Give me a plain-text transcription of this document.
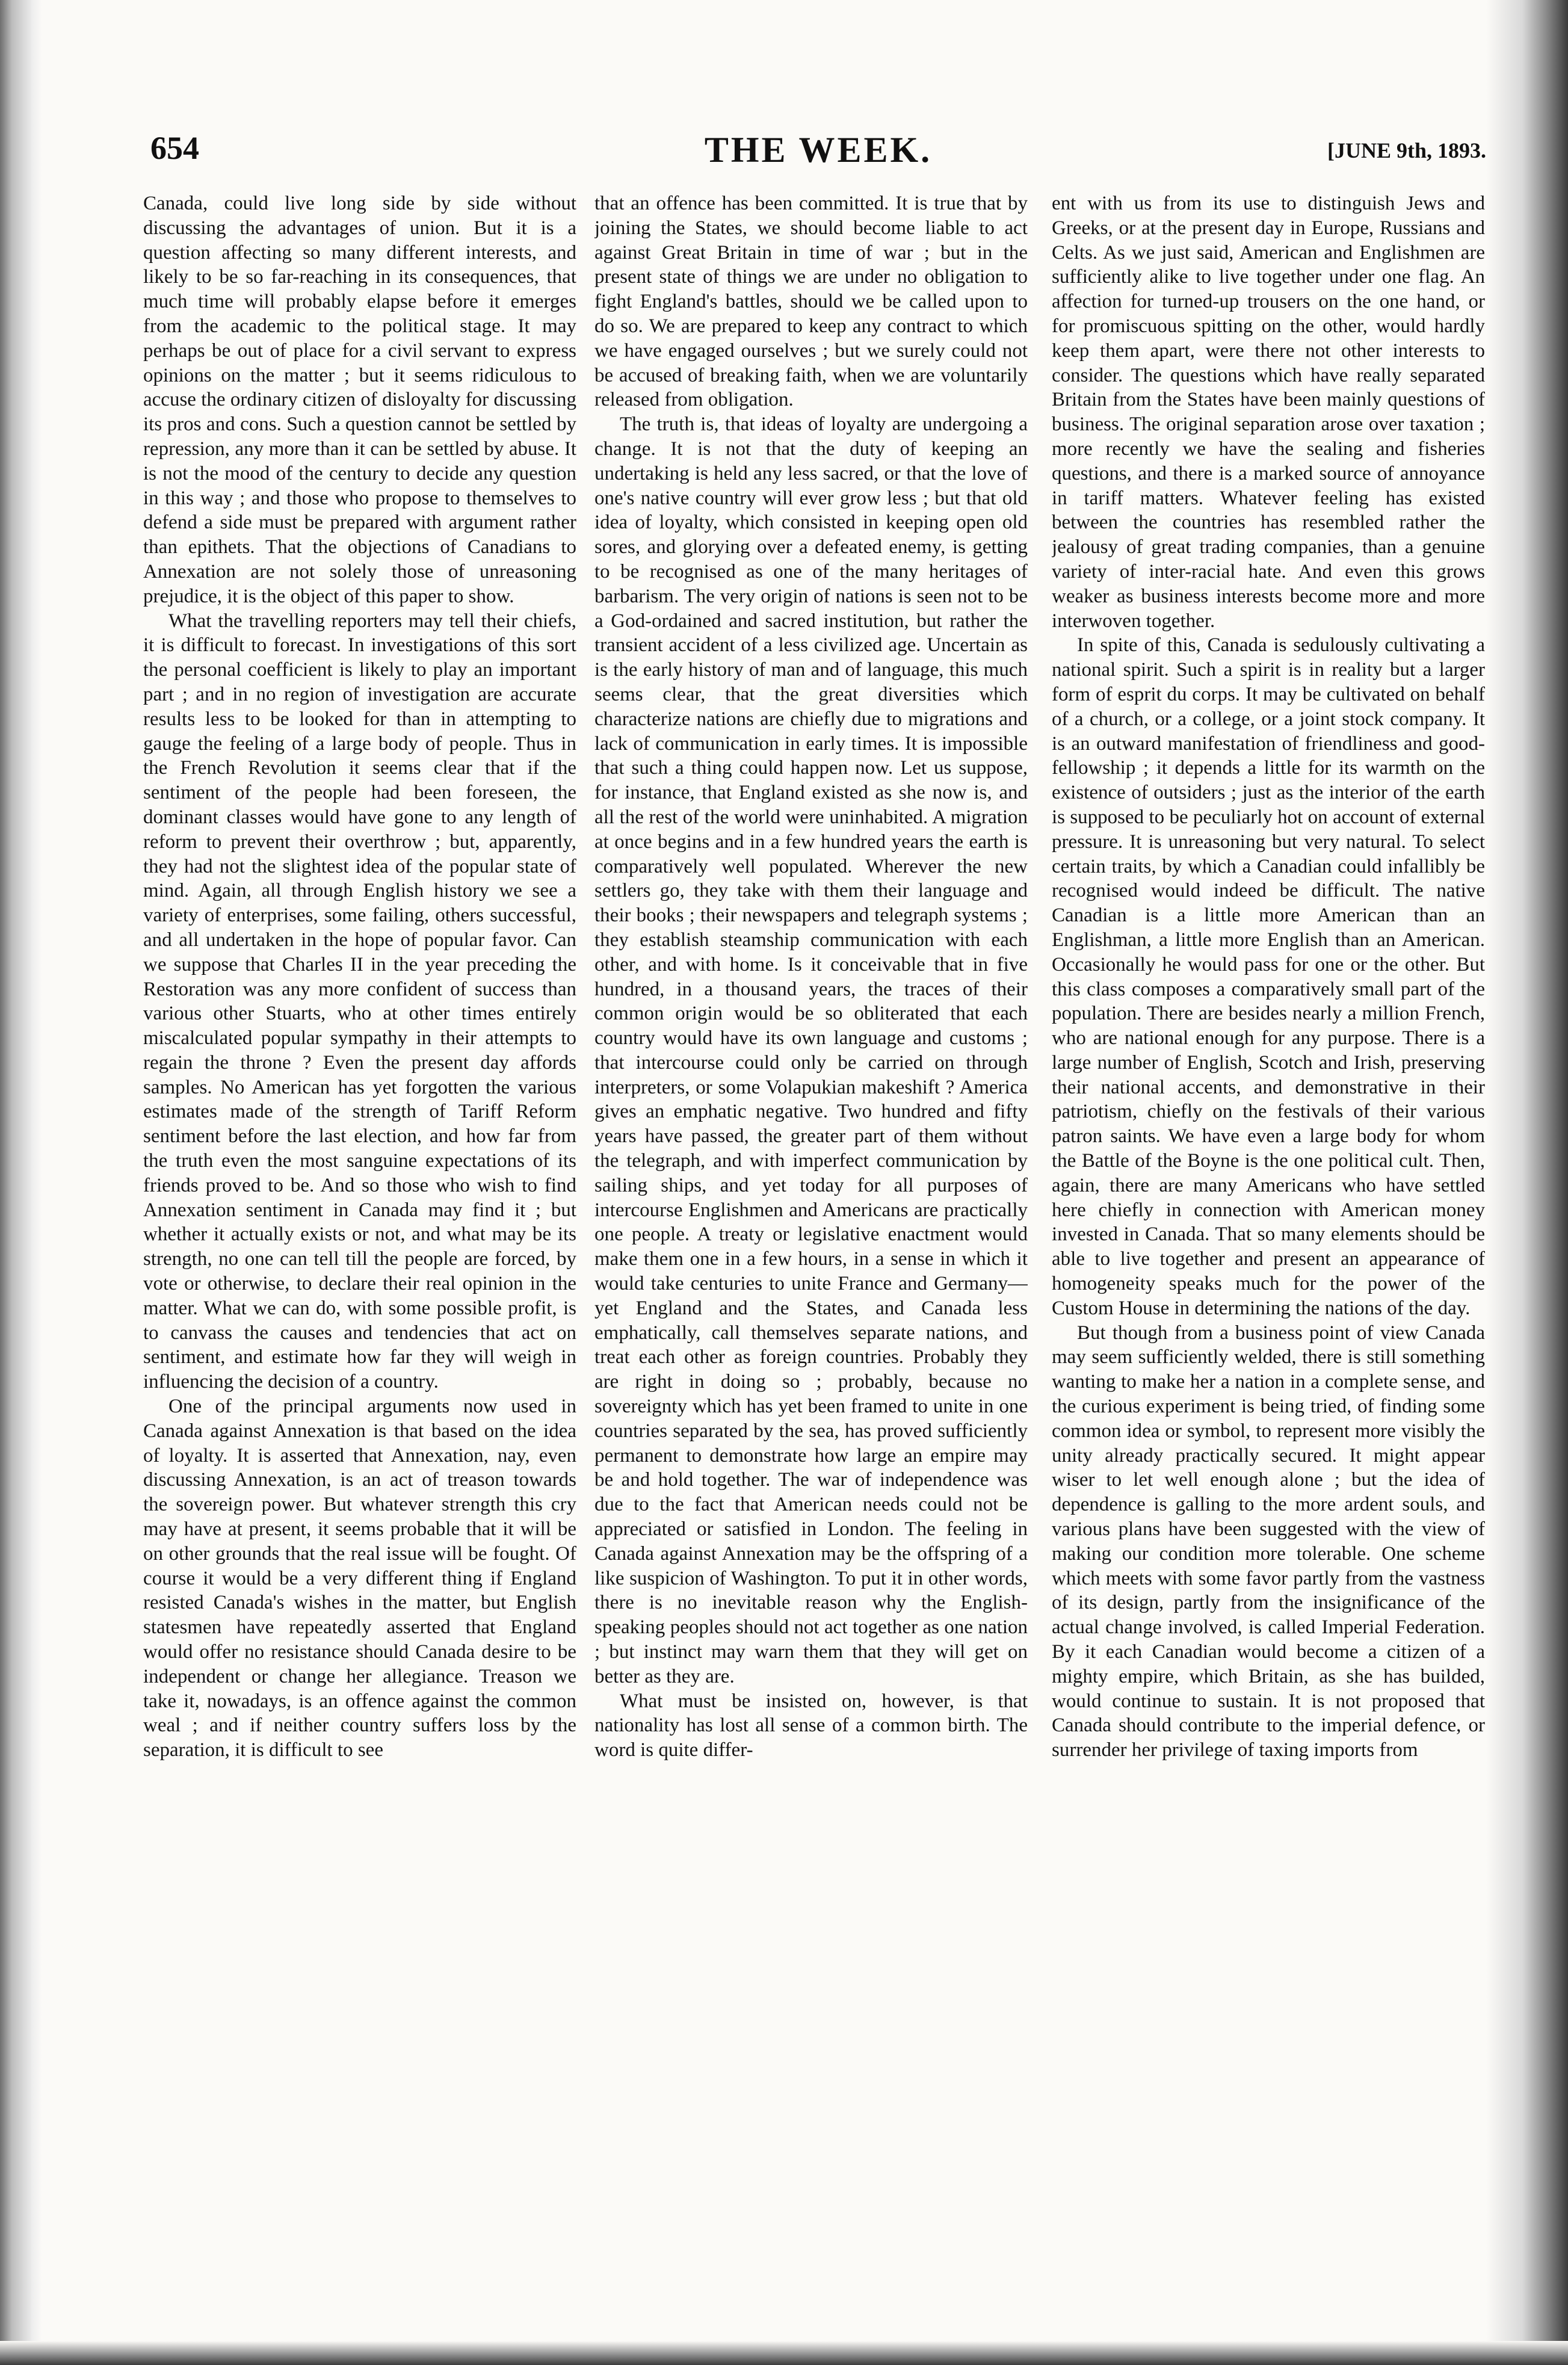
654	THE WEEK.	[JUNE 9th, 1893.

Canada, could live long side by side without discussing the advantages of union. But it is a question affecting so many different interests, and likely to be so far-reaching in its consequences, that much time will probably elapse before it emerges from the academic to the political stage. It may perhaps be out of place for a civil servant to express opinions on the matter ; but it seems ridiculous to accuse the ordinary citizen of disloyalty for discussing its pros and cons. Such a question cannot be settled by repression, any more than it can be settled by abuse. It is not the mood of the century to decide any question in this way ; and those who propose to themselves to defend a side must be prepared with argument rather than epithets. That the objections of Canadians to Annexation are not solely those of unreasoning prejudice, it is the object of this paper to show.

What the travelling reporters may tell their chiefs, it is difficult to forecast. In investigations of this sort the personal coefficient is likely to play an important part ; and in no region of investigation are accurate results less to be looked for than in attempting to gauge the feeling of a large body of people. Thus in the French Revolution it seems clear that if the sentiment of the people had been foreseen, the dominant classes would have gone to any length of reform to prevent their overthrow ; but, apparently, they had not the slightest idea of the popular state of mind. Again, all through English history we see a variety of enterprises, some failing, others successful, and all undertaken in the hope of popular favor. Can we suppose that Charles II in the year preceding the Restoration was any more confident of success than various other Stuarts, who at other times entirely miscalculated popular sympathy in their attempts to regain the throne ? Even the present day affords samples. No American has yet forgotten the various estimates made of the strength of Tariff Reform sentiment before the last election, and how far from the truth even the most sanguine expectations of its friends proved to be. And so those who wish to find Annexation sentiment in Canada may find it ; but whether it actually exists or not, and what may be its strength, no one can tell till the people are forced, by vote or otherwise, to declare their real opinion in the matter. What we can do, with some possible profit, is to canvass the causes and tendencies that act on sentiment, and estimate how far they will weigh in influencing the decision of a country.

One of the principal arguments now used in Canada against Annexation is that based on the idea of loyalty. It is asserted that Annexation, nay, even discussing Annexation, is an act of treason towards the sovereign power. But whatever strength this cry may have at present, it seems probable that it will be on other grounds that the real issue will be fought. Of course it would be a very different thing if England resisted Canada's wishes in the matter, but English statesmen have repeatedly asserted that England would offer no resistance should Canada desire to be independent or change her allegiance. Treason we take it, nowadays, is an offence against the common weal ; and if neither country suffers loss by the separation, it is difficult to see

that an offence has been committed. It is true that by joining the States, we should become liable to act against Great Britain in time of war ; but in the present state of things we are under no obligation to fight England's battles, should we be called upon to do so. We are prepared to keep any contract to which we have engaged ourselves ; but we surely could not be accused of breaking faith, when we are voluntarily released from obligation.

The truth is, that ideas of loyalty are undergoing a change. It is not that the duty of keeping an undertaking is held any less sacred, or that the love of one's native country will ever grow less ; but that old idea of loyalty, which consisted in keeping open old sores, and glorying over a defeated enemy, is getting to be recognised as one of the many heritages of barbarism. The very origin of nations is seen not to be a God-ordained and sacred institution, but rather the transient accident of a less civilized age. Uncertain as is the early history of man and of language, this much seems clear, that the great diversities which characterize nations are chiefly due to migrations and lack of communication in early times. It is impossible that such a thing could happen now. Let us suppose, for instance, that England existed as she now is, and all the rest of the world were uninhabited. A migration at once begins and in a few hundred years the earth is comparatively well populated. Wherever the new settlers go, they take with them their language and their books ; their newspapers and telegraph systems ; they establish steamship communication with each other, and with home. Is it conceivable that in five hundred, in a thousand years, the traces of their common origin would be so obliterated that each country would have its own language and customs ; that intercourse could only be carried on through interpreters, or some Volapukian makeshift ? America gives an emphatic negative. Two hundred and fifty years have passed, the greater part of them without the telegraph, and with imperfect communication by sailing ships, and yet today for all purposes of intercourse Englishmen and Americans are practically one people. A treaty or legislative enactment would make them one in a few hours, in a sense in which it would take centuries to unite France and Germany—yet England and the States, and Canada less emphatically, call themselves separate nations, and treat each other as foreign countries. Probably they are right in doing so ; probably, because no sovereignty which has yet been framed to unite in one countries separated by the sea, has proved sufficiently permanent to demonstrate how large an empire may be and hold together. The war of independence was due to the fact that American needs could not be appreciated or satisfied in London. The feeling in Canada against Annexation may be the offspring of a like suspicion of Washington. To put it in other words, there is no inevitable reason why the English-speaking peoples should not act together as one nation ; but instinct may warn them that they will get on better as they are.

What must be insisted on, however, is that nationality has lost all sense of a common birth. The word is quite differ-

ent with us from its use to distinguish Jews and Greeks, or at the present day in Europe, Russians and Celts. As we just said, American and Englishmen are sufficiently alike to live together under one flag. An affection for turned-up trousers on the one hand, or for promiscuous spitting on the other, would hardly keep them apart, were there not other interests to consider. The questions which have really separated Britain from the States have been mainly questions of business. The original separation arose over taxation ; more recently we have the sealing and fisheries questions, and there is a marked source of annoyance in tariff matters. Whatever feeling has existed between the countries has resembled rather the jealousy of great trading companies, than a genuine variety of inter-racial hate. And even this grows weaker as business interests become more and more interwoven together.

In spite of this, Canada is sedulously cultivating a national spirit. Such a spirit is in reality but a larger form of esprit du corps. It may be cultivated on behalf of a church, or a college, or a joint stock company. It is an outward manifestation of friendliness and good-fellowship ; it depends a little for its warmth on the existence of outsiders ; just as the interior of the earth is supposed to be peculiarly hot on account of external pressure. It is unreasoning but very natural. To select certain traits, by which a Canadian could infallibly be recognised would indeed be difficult. The native Canadian is a little more American than an Englishman, a little more English than an American. Occasionally he would pass for one or the other. But this class composes a comparatively small part of the population. There are besides nearly a million French, who are national enough for any purpose. There is a large number of English, Scotch and Irish, preserving their national accents, and demonstrative in their patriotism, chiefly on the festivals of their various patron saints. We have even a large body for whom the Battle of the Boyne is the one political cult. Then, again, there are many Americans who have settled here chiefly in connection with American money invested in Canada. That so many elements should be able to live together and present an appearance of homogeneity speaks much for the power of the Custom House in determining the nations of the day.

But though from a business point of view Canada may seem sufficiently welded, there is still something wanting to make her a nation in a complete sense, and the curious experiment is being tried, of finding some common idea or symbol, to represent more visibly the unity already practically secured. It might appear wiser to let well enough alone ; but the idea of dependence is galling to the more ardent souls, and various plans have been suggested with the view of making our condition more tolerable. One scheme which meets with some favor partly from the vastness of its design, partly from the insignificance of the actual change involved, is called Imperial Federation. By it each Canadian would become a citizen of a mighty empire, which Britain, as she has builded, would continue to sustain. It is not proposed that Canada should contribute to the imperial defence, or surrender her privilege of taxing imports from
